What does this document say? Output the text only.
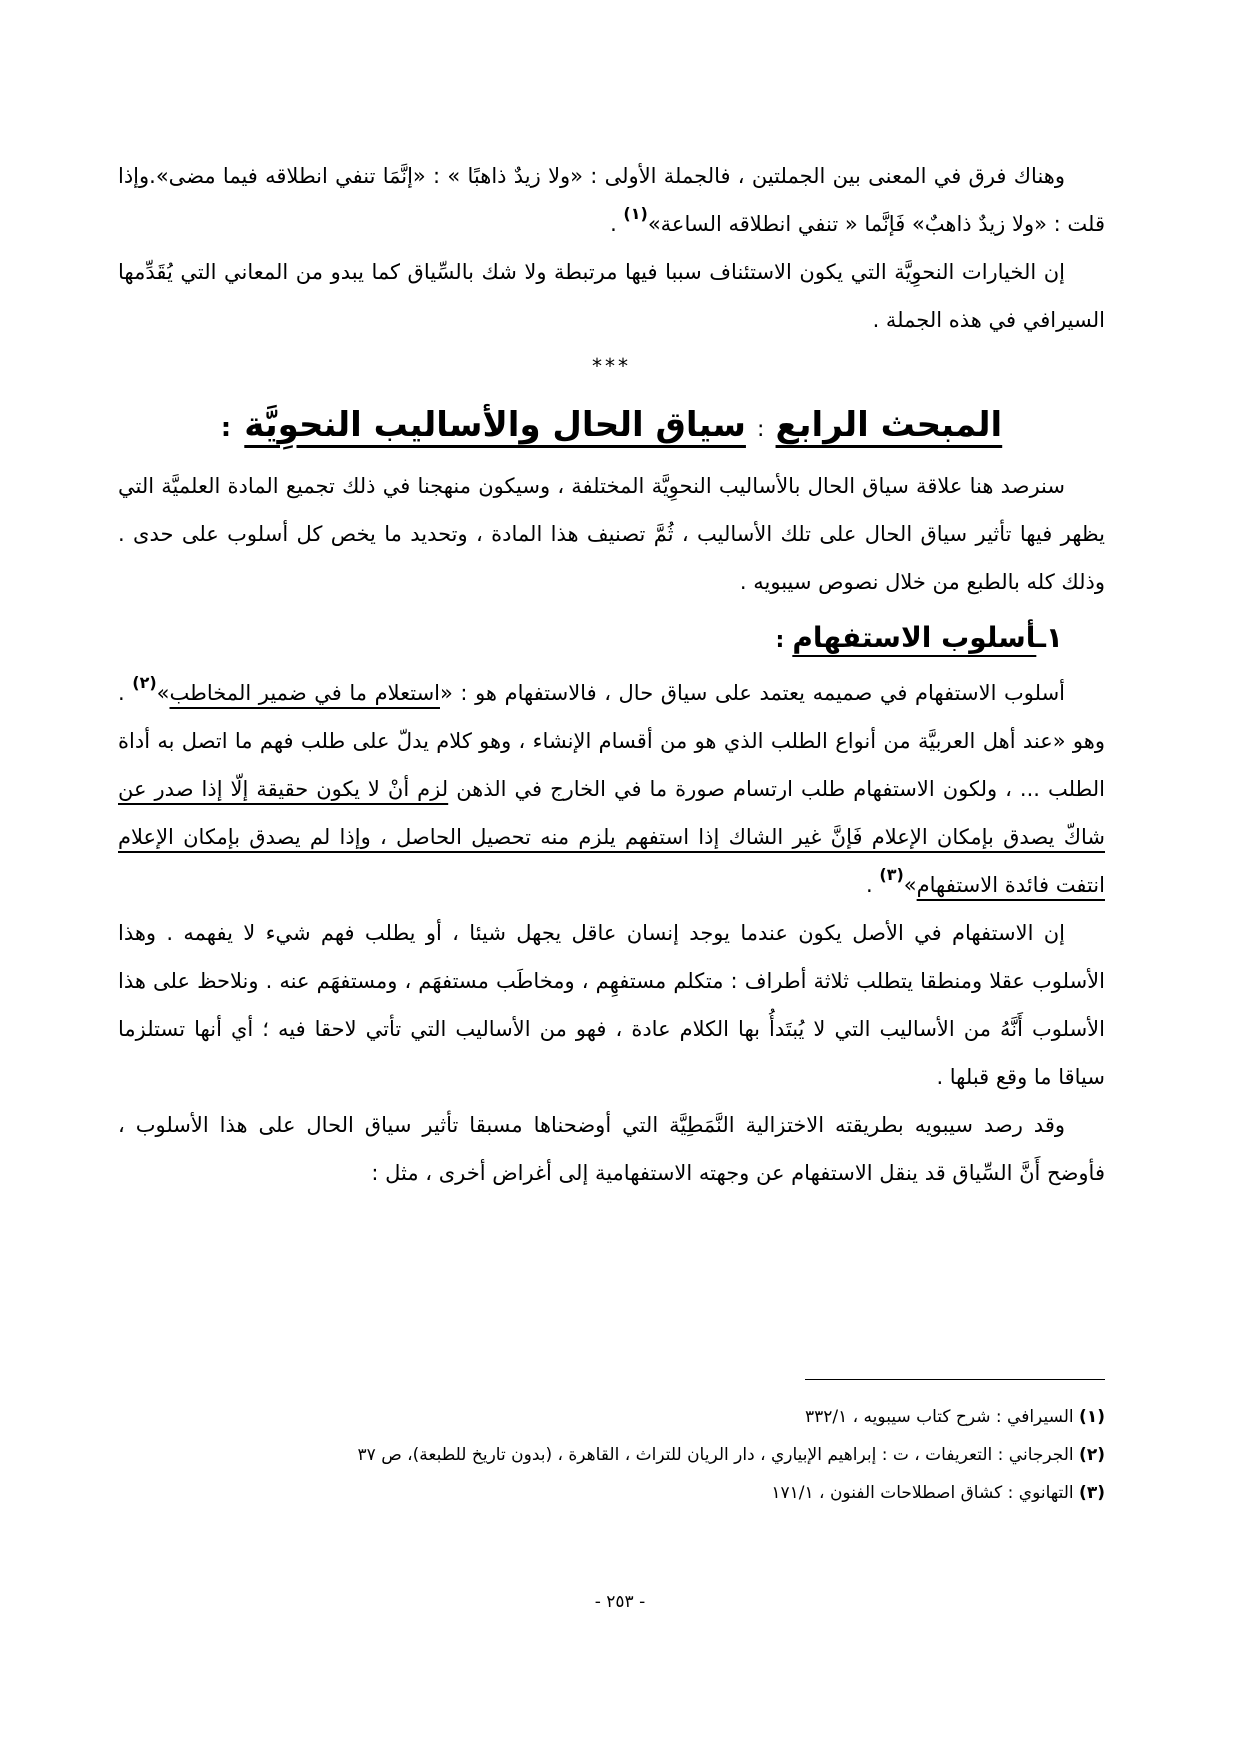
وهناك فرق في المعنى بين الجملتين ، فالجملة الأولى : «ولا زيدٌ ذاهبًا » : «إنَّمَا تنفي انطلاقه فيما مضى».وإذا قلت : «ولا زيدٌ ذاهبٌ» فَإنَّما « تنفي انطلاقه الساعة»$^{(١)}$ .

إن الخيارات النحوِيَّة التي يكون الاستئناف سببا فيها مرتبطة ولا شك بالسِّياق كما يبدو من المعاني التي يُقَدِّمها السيرافي في هذه الجملة .

***
المبحث الرابع : سياق الحال والأساليب النحوِيَّة :

سنرصد هنا علاقة سياق الحال بالأساليب النحوِيَّة المختلفة ، وسيكون منهجنا في ذلك تجميع المادة العلميَّة التي يظهر فيها تأثير سياق الحال على تلك الأساليب ، ثُمَّ تصنيف هذا المادة ، وتحديد ما يخص كل أسلوب على حدى . وذلك كله بالطبع من خلال نصوص سيبويه .

١ـأسلوب الاستفهام:

أسلوب الاستفهام في صميمه يعتمد على سياق حال ، فالاستفهام هو : «استعلام ما في ضمير المخاطب»$^{(٢)}$ . وهو «عند أهل العربيَّة من أنواع الطلب الذي هو من أقسام الإنشاء ، وهو كلام يدلّ على طلب فهم ما اتصل به أداة الطلب ... ، ولكون الاستفهام طلب ارتسام صورة ما في الخارج في الذهن لزم أنْ لا يكون حقيقة إلّا إذا صدر عن شاكّ يصدق بإمكان الإعلام فَإنَّ غير الشاك إذا استفهم يلزم منه تحصيل الحاصل ، وإذا لم يصدق بإمكان الإعلام انتفت فائدة الاستفهام»$^{(٣)}$ .

إن الاستفهام في الأصل يكون عندما يوجد إنسان عاقل يجهل شيئا ، أو يطلب فهم شيء لا يفهمه . وهذا الأسلوب عقلا ومنطقا يتطلب ثلاثة أطراف : متكلم مستفهِم ، ومخاطَب مستفهَم ، ومستفهَم عنه . ونلاحظ على هذا الأسلوب أَنَّهُ من الأساليب التي لا يُبتَدأُ بها الكلام عادة ، فهو من الأساليب التي تأتي لاحقا فيه ؛ أي أنها تستلزما سياقا ما وقع قبلها .

وقد رصد سيبويه بطريقته الاختزالية النَّمَطِيَّة التي أوضحناها مسبقا تأثير سياق الحال على هذا الأسلوب ، فأوضح أَنَّ السِّياق قد ينقل الاستفهام عن وجهته الاستفهامية إلى أغراض أخرى ، مثل :

(١) السيرافي : شرح كتاب سيبويه ، ٣٣٢/١

(٢) الجرجاني : التعريفات ، ت : إبراهيم الإبياري ، دار الريان للتراث ، القاهرة ، (بدون تاريخ للطبعة)، ص ٣٧

(٣) التهانوي : كشاق اصطلاحات الفنون ، ١٧١/١

- ٢٥٣ -
